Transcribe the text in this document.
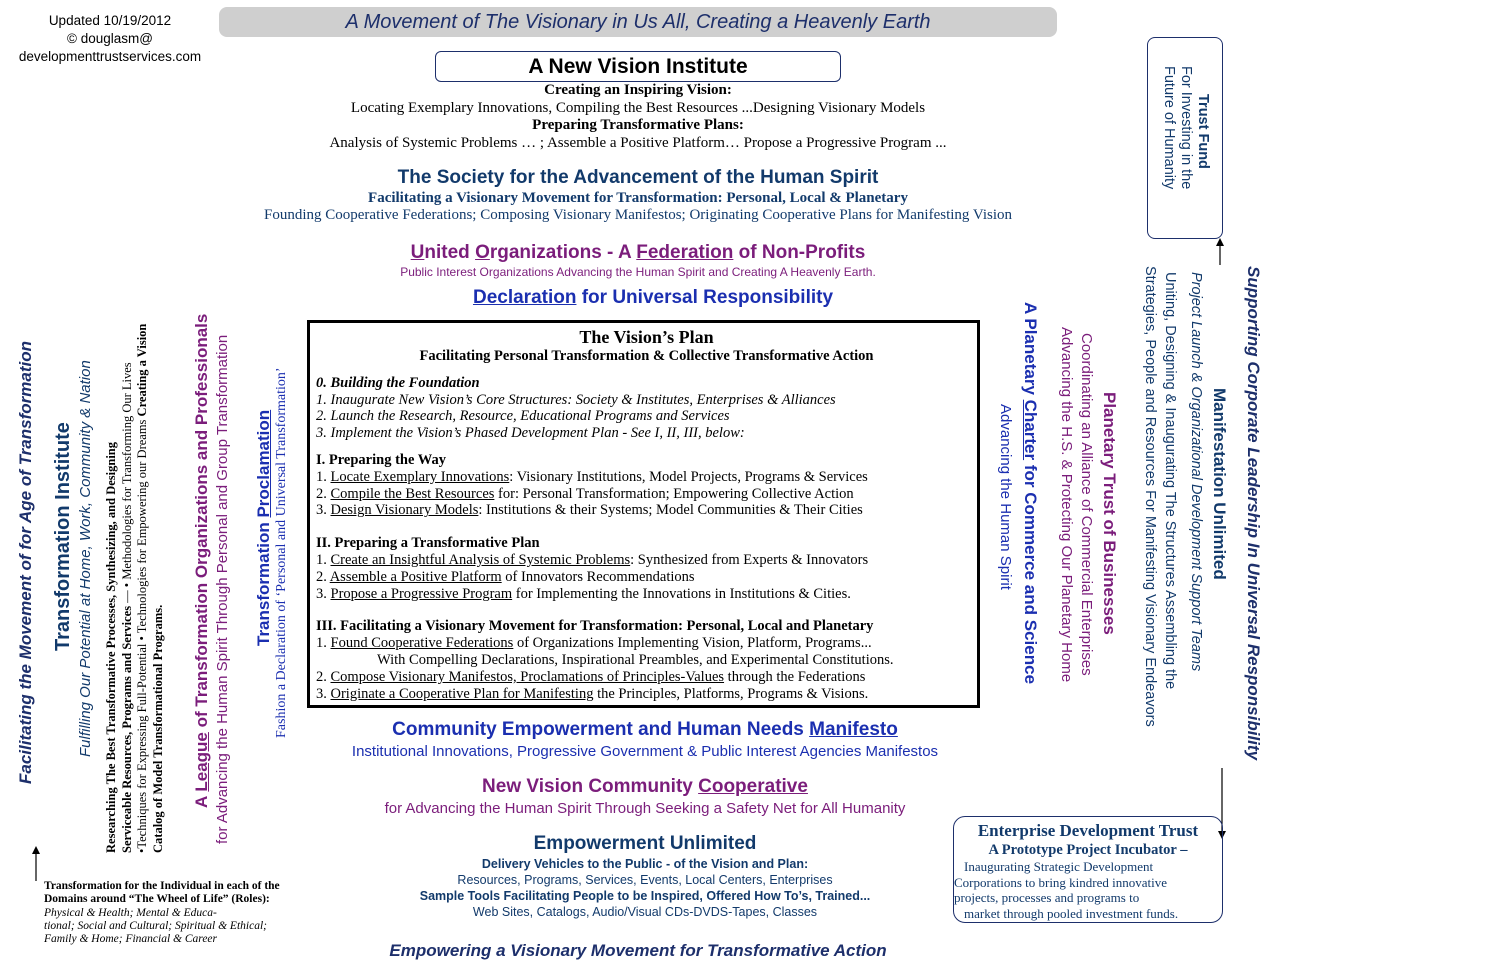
Updated 10/19/2012
© douglasm@
developmenttrustservices.com
A Movement of The Visionary in Us All, Creating a Heavenly Earth
A New Vision Institute
Creating an Inspiring Vision:
Locating Exemplary Innovations, Compiling the Best Resources ...Designing Visionary Models
Preparing Transformative Plans:
Analysis of Systemic Problems … ; Assemble a Positive Platform… Propose a Progressive Program ...
The Society for the Advancement of the Human Spirit
Facilitating a Visionary Movement for Transformation: Personal, Local & Planetary
Founding Cooperative Federations; Composing Visionary Manifestos; Originating Cooperative Plans for Manifesting Vision
United Organizations - A Federation of Non-Profits
Public Interest Organizations Advancing the Human Spirit and Creating A Heavenly Earth.
Declaration for Universal Responsibility
The Vision’s Plan
Facilitating Personal Transformation & Collective Transformative Action
0. Building the Foundation
1. Inaugurate New Vision’s Core Structures: Society & Institutes, Enterprises & Alliances
2. Launch the Research, Resource, Educational Programs and Services
3. Implement the Vision’s Phased Development Plan - See I, II, III, below:
I. Preparing the Way
1. Locate Exemplary Innovations: Visionary Institutions, Model Projects, Programs & Services
2. Compile the Best Resources for: Personal Transformation; Empowering Collective Action
3. Design Visionary Models: Institutions & their Systems; Model Communities & Their Cities
II. Preparing a Transformative Plan
1. Create an Insightful Analysis of Systemic Problems: Synthesized from Experts & Innovators
2. Assemble a Positive Platform of Innovators Recommendations
3. Propose a Progressive Program for Implementing the Innovations in Institutions & Cities.
III. Facilitating a Visionary Movement for Transformation: Personal, Local and Planetary
1. Found Cooperative Federations of Organizations Implementing Vision, Platform, Programs...
With Compelling Declarations, Inspirational Preambles, and Experimental Constitutions.
2. Compose Visionary Manifestos, Proclamations of Principles-Values through the Federations
3. Originate a Cooperative Plan for Manifesting the Principles, Platforms, Programs & Visions.
Community Empowerment and Human Needs Manifesto
Institutional Innovations, Progressive Government & Public Interest Agencies Manifestos
New Vision Community Cooperative
for Advancing the Human Spirit Through Seeking a Safety Net for All Humanity
Empowerment Unlimited
Delivery Vehicles to the Public - of the Vision and Plan:
Resources, Programs, Services, Events, Local Centers, Enterprises
Sample Tools Facilitating People to be Inspired, Offered How To’s, Trained...
Web Sites, Catalogs, Audio/Visual CDs-DVDS-Tapes, Classes
Empowering a Visionary Movement for Transformative Action
Facilitating the Movement of for Age of Transformation Transformation Institute Fulfilling Our Potential at Home, Work, Community & Nation Researching The Best Transformative Processes, Synthesizing, and Designing Serviceable Resources, Programs and Services — • Methodologies for Transforming Our Lives •Techniques for Expressing Full-Potential • Technologies for Empowering our Dreams Creating a Vision
Catalog of Model Transformational Programs. A League of Transformation Organizations and Professionals for Advancing the Human Spirit Through Personal and Group Transformation Transformation Proclamation Fashion a Declaration of ‘Personal and Universal Transformation’
Transformation for the Individual in each of the
Domains around “The Wheel of Life” (Roles):
Physical & Health; Mental & Educa-
tional; Social and Cultural; Spiritual & Ethical;
Family & Home; Financial & Career
A Planetary Charter for Commerce and Science
Advancing the Human Spirit	Planetary Trust of Businesses
Coordinating an Alliance of Commercial Enterprises
Advancing the H.S. & Protecting Our Planetary Home	Manifestation Unlimited
Project Launch & Organizational Development Support Teams
Uniting, Designing & Inaugurating The Structures Assembling the
Strategies, People and Resources For Manifesting Visionary Endeavors	Supporting Corporate Leadership In Universal Responsibility
Trust Fund
For Investing in the
Future of Humanity
Enterprise Development Trust
A Prototype Project Incubator –
Inaugurating Strategic Development
Corporations to bring kindred innovative
projects, processes and programs to
market through pooled investment funds.
